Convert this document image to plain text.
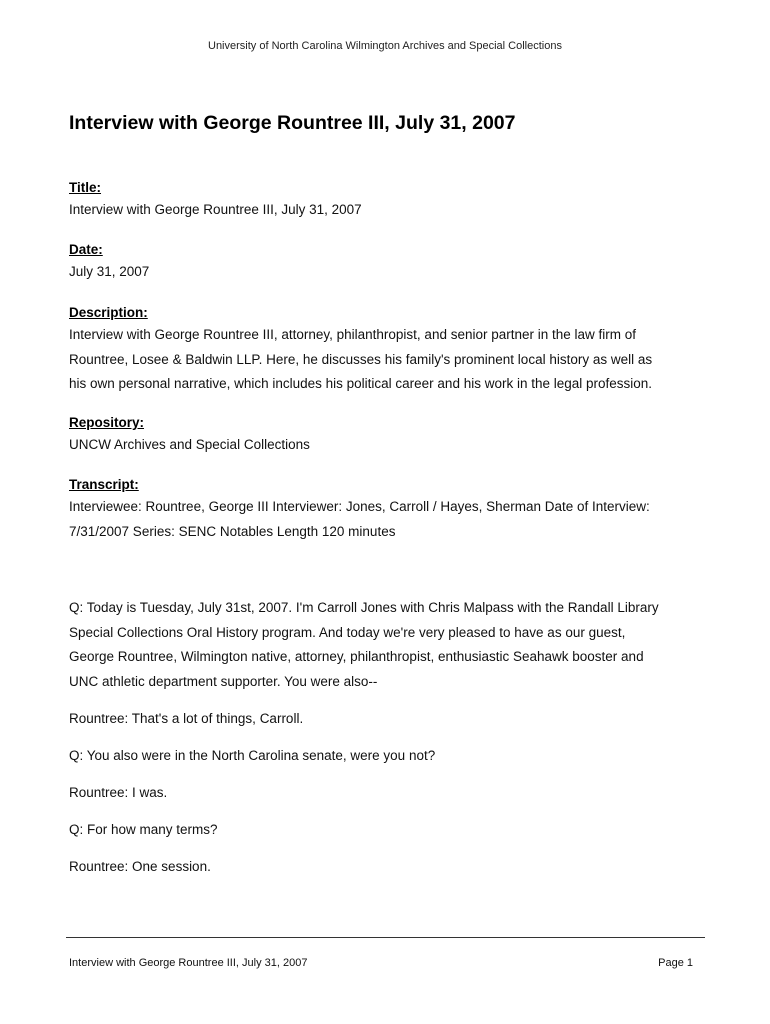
University of North Carolina Wilmington Archives and Special Collections
Interview with George Rountree III, July 31, 2007

Title:

Interview with George Rountree III, July 31, 2007

Date:

July 31, 2007

Description:

Interview with George Rountree III, attorney, philanthropist, and senior partner in the law firm of

Rountree, Losee & Baldwin LLP. Here, he discusses his family's prominent local history as well as

his own personal narrative, which includes his political career and his work in the legal profession.

Repository:

UNCW Archives and Special Collections

Transcript:

Interviewee: Rountree, George III Interviewer: Jones, Carroll / Hayes, Sherman Date of Interview:

7/31/2007 Series: SENC Notables Length 120 minutes

Q: Today is Tuesday, July 31st, 2007. I'm Carroll Jones with Chris Malpass with the Randall Library
Special Collections Oral History program. And today we're very pleased to have as our guest,
George Rountree, Wilmington native, attorney, philanthropist, enthusiastic Seahawk booster and
UNC athletic department supporter. You were also--

Rountree: That's a lot of things, Carroll.

Q: You also were in the North Carolina senate, were you not?

Rountree: I was.

Q: For how many terms?

Rountree: One session.

Interview with George Rountree III, July 31, 2007	Page 1
